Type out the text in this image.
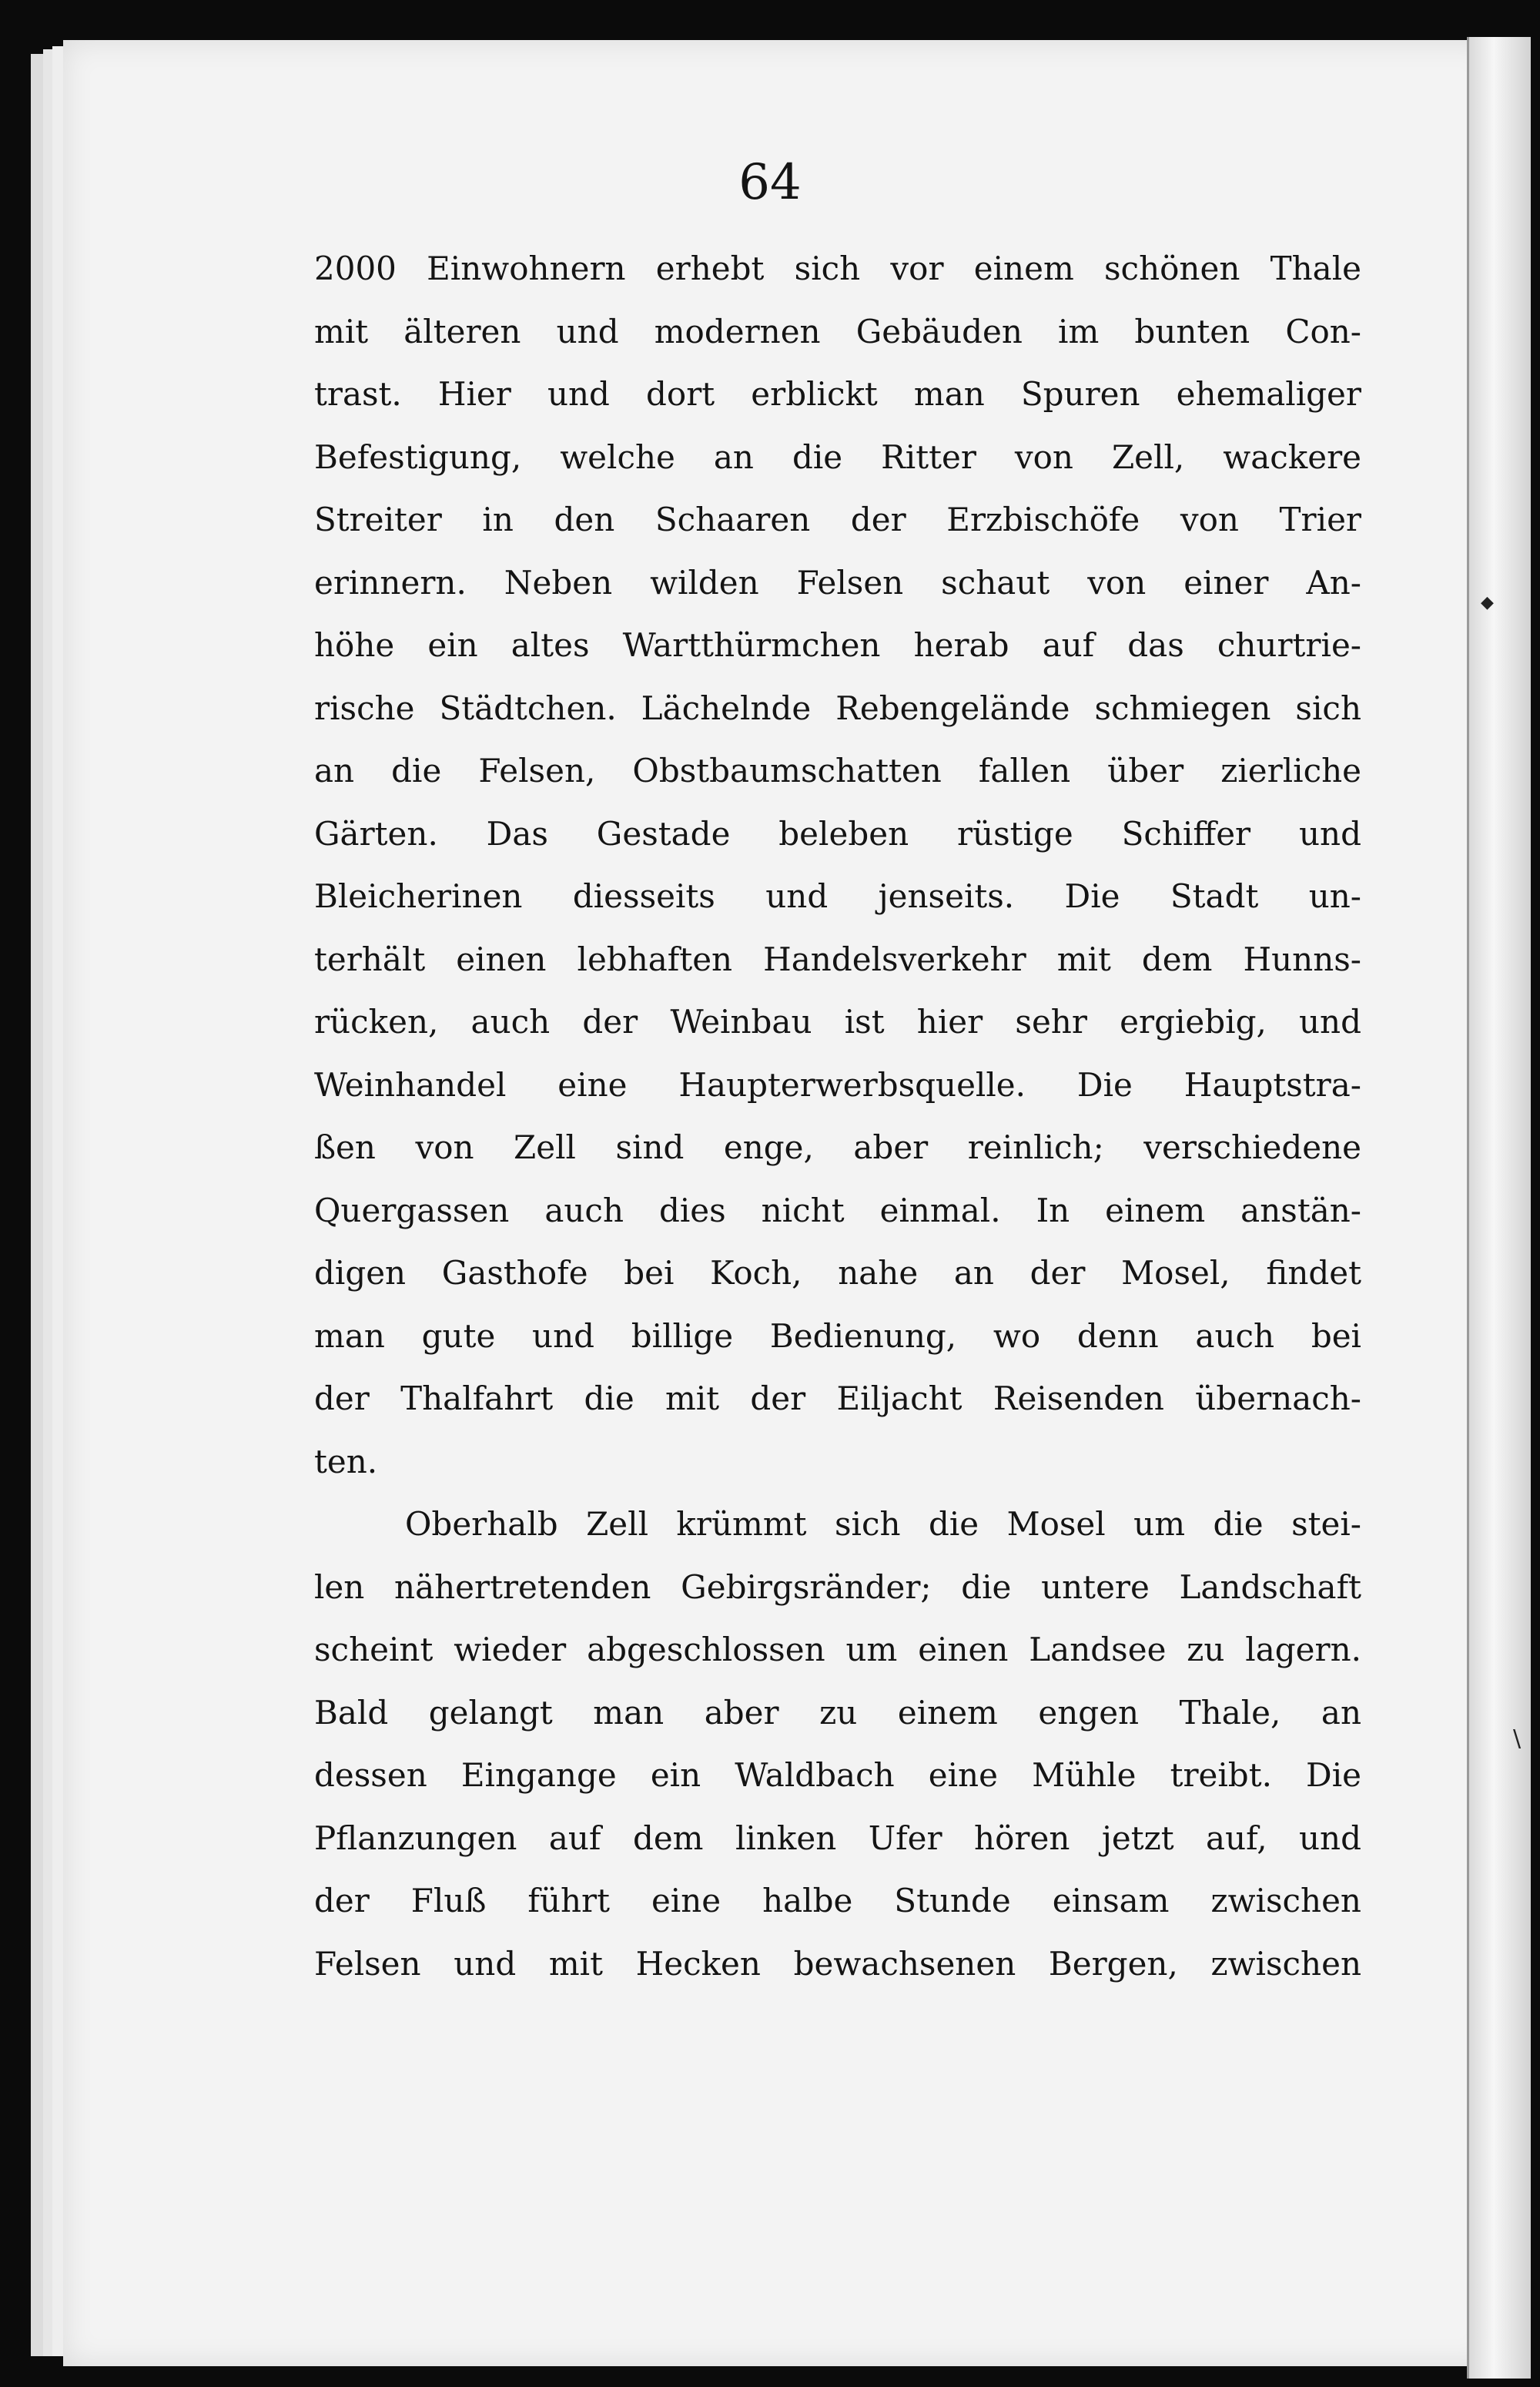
64
2000 Einwohnern erhebt sich vor einem schönen Thale
mit älteren und modernen Gebäuden im bunten Con-
trast. Hier und dort erblickt man Spuren ehemaliger
Befestigung, welche an die Ritter von Zell, wackere
Streiter in den Schaaren der Erzbischöfe von Trier
erinnern. Neben wilden Felsen schaut von einer An-
höhe ein altes Wartthürmchen herab auf das churtrie-
rische Städtchen. Lächelnde Rebengelände schmiegen sich
an die Felsen, Obstbaumschatten fallen über zierliche
Gärten. Das Gestade beleben rüstige Schiffer und
Bleicherinen diesseits und jenseits. Die Stadt un-
terhält einen lebhaften Handelsverkehr mit dem Hunns-
rücken, auch der Weinbau ist hier sehr ergiebig, und
Weinhandel eine Haupterwerbsquelle. Die Hauptstra-
ßen von Zell sind enge, aber reinlich; verschiedene
Quergassen auch dies nicht einmal. In einem anstän-
digen Gasthofe bei Koch, nahe an der Mosel, findet
man gute und billige Bedienung, wo denn auch bei
der Thalfahrt die mit der Eiljacht Reisenden übernach-
ten.
Oberhalb Zell krümmt sich die Mosel um die stei-
len nähertretenden Gebirgsränder; die untere Landschaft
scheint wieder abgeschlossen um einen Landsee zu lagern.
Bald gelangt man aber zu einem engen Thale, an
dessen Eingange ein Waldbach eine Mühle treibt. Die
Pflanzungen auf dem linken Ufer hören jetzt auf, und
der Fluß führt eine halbe Stunde einsam zwischen
Felsen und mit Hecken bewachsenen Bergen, zwischen
◆
\
